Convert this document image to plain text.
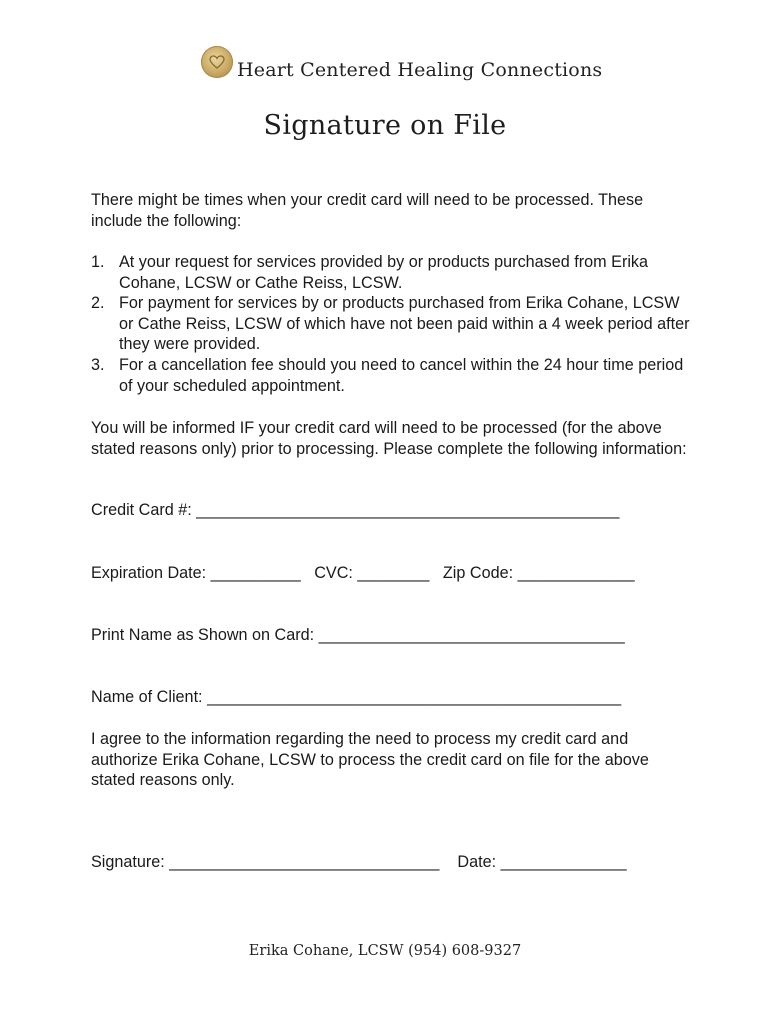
Heart Centered Healing Connections
Signature on File

There might be times when your credit card will need to be processed. These include the following:

1. At your request for services provided by or products purchased from Erika Cohane, LCSW or Cathe Reiss, LCSW.
2. For payment for services by or products purchased from Erika Cohane, LCSW or Cathe Reiss, LCSW of which have not been paid within a 4 week period after they were provided.
3. For a cancellation fee should you need to cancel within the 24 hour time period of your scheduled appointment.

You will be informed IF your credit card will need to be processed (for the above stated reasons only) prior to processing. Please complete the following information:

Credit Card #: _______________________________________________
Expiration Date: __________ CVC: ________ Zip Code: _____________
Print Name as Shown on Card: __________________________________
Name of Client: ______________________________________________

I agree to the information regarding the need to process my credit card and authorize Erika Cohane, LCSW to process the credit card on file for the above stated reasons only.

Signature: ______________________________ Date: ______________
Erika Cohane, LCSW (954) 608-9327
